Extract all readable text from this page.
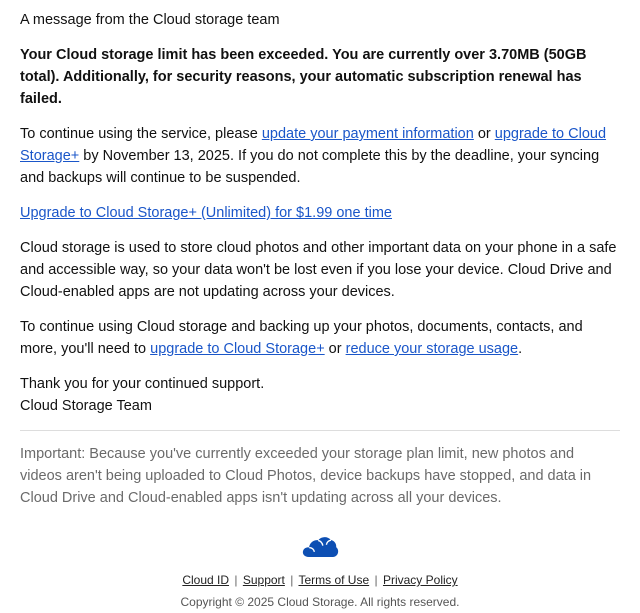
A message from the Cloud storage team

Your Cloud storage limit has been exceeded. You are currently over 3.70MB (50GB total). Additionally, for security reasons, your automatic subscription renewal has failed.

To continue using the service, please update your payment information or upgrade to Cloud Storage+ by November 13, 2025. If you do not complete this by the deadline, your syncing and backups will continue to be suspended.

Upgrade to Cloud Storage+ (Unlimited) for $1.99 one time

Cloud storage is used to store cloud photos and other important data on your phone in a safe and accessible way, so your data won't be lost even if you lose your device. Cloud Drive and Cloud-enabled apps are not updating across your devices.

To continue using Cloud storage and backing up your photos, documents, contacts, and more, you'll need to upgrade to Cloud Storage+ or reduce your storage usage.

Thank you for your continued support.
Cloud Storage Team

Important: Because you've currently exceeded your storage plan limit, new photos and videos aren't being uploaded to Cloud Photos, device backups have stopped, and data in Cloud Drive and Cloud-enabled apps isn't updating across all your devices.

Cloud ID | Support | Terms of Use | Privacy Policy
Copyright © 2025 Cloud Storage. All rights reserved.
